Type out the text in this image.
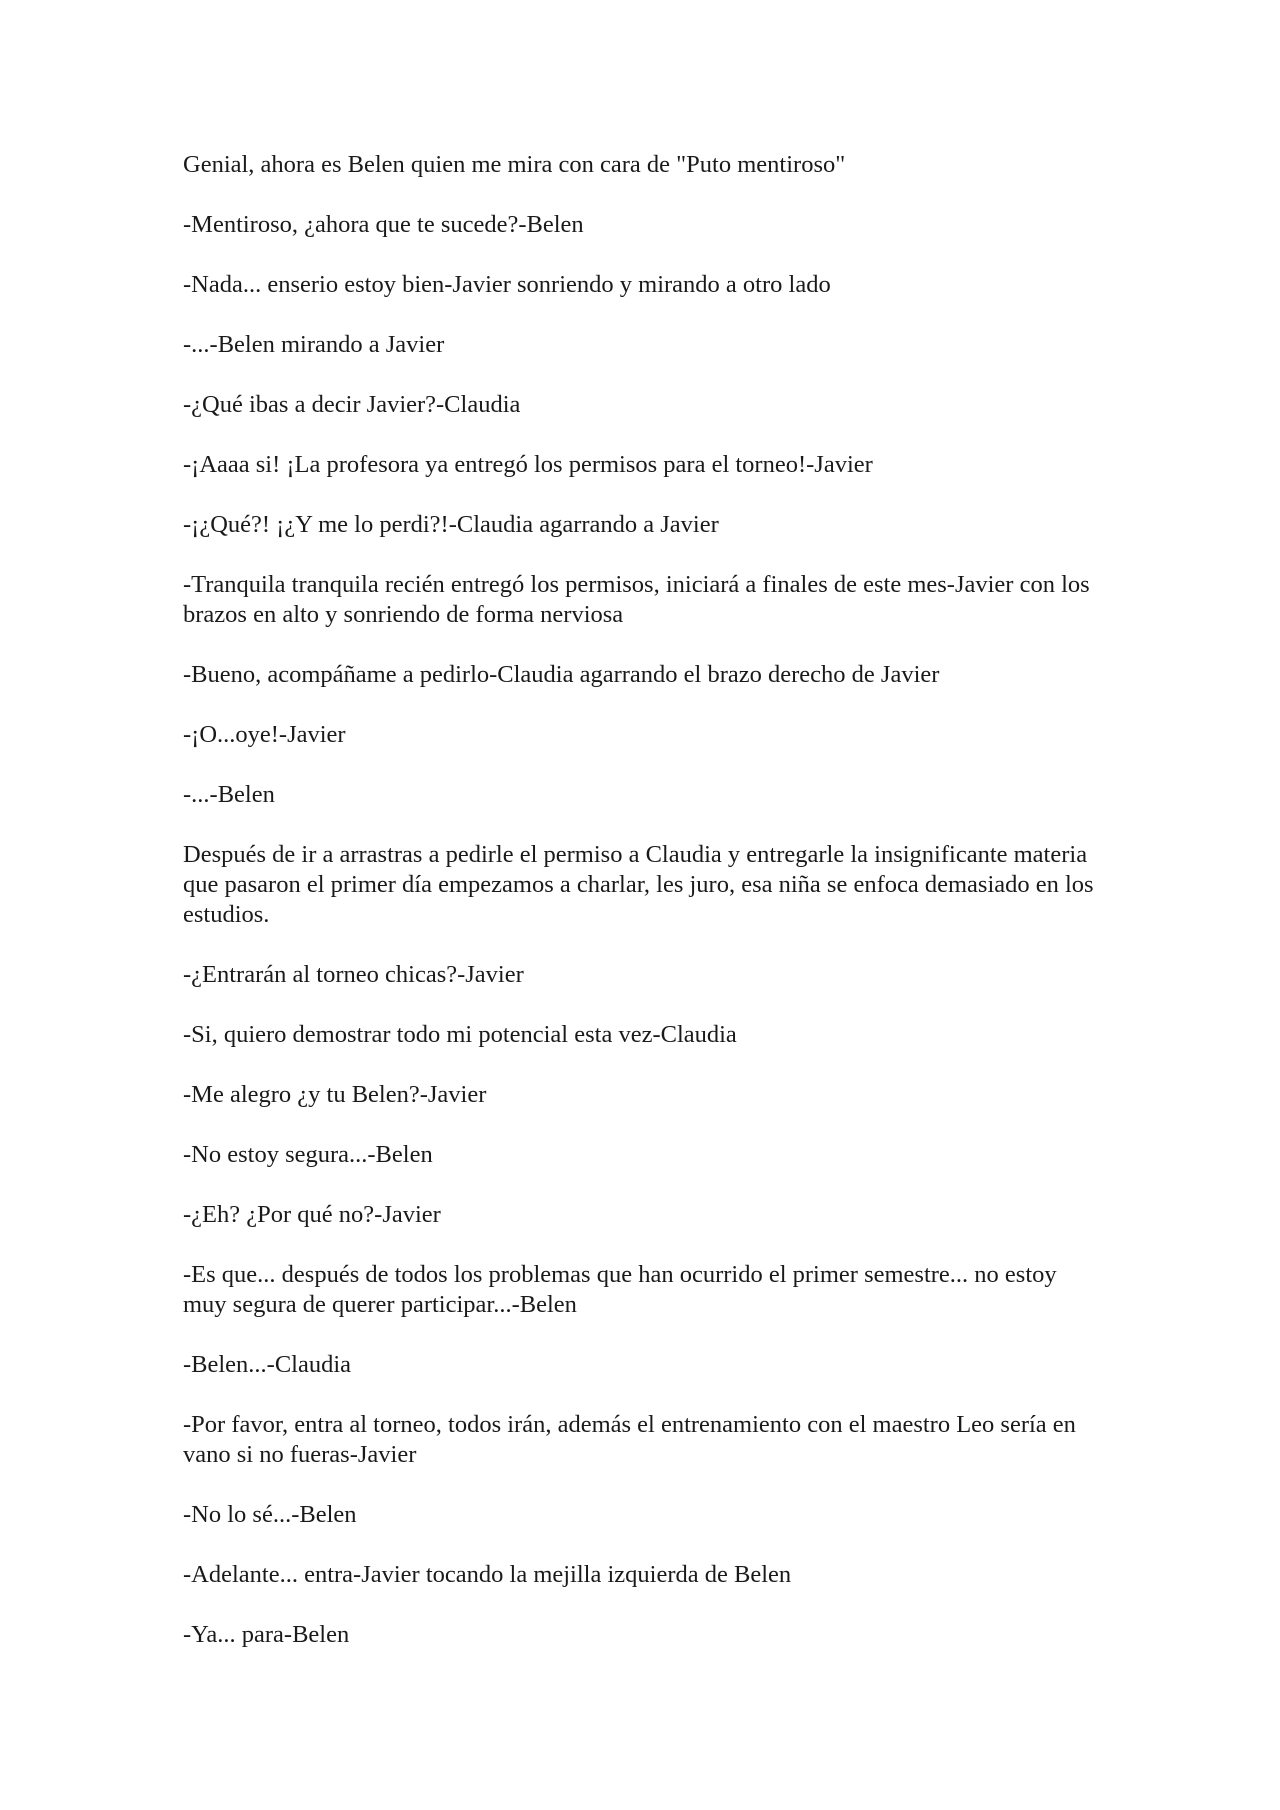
Genial, ahora es Belen quien me mira con cara de "Puto mentiroso"

-Mentiroso, ¿ahora que te sucede?-Belen

-Nada... enserio estoy bien-Javier sonriendo y mirando a otro lado

-...-Belen mirando a Javier

-¿Qué ibas a decir Javier?-Claudia

-¡Aaaa si! ¡La profesora ya entregó los permisos para el torneo!-Javier

-¡¿Qué?! ¡¿Y me lo perdi?!-Claudia agarrando a Javier

-Tranquila tranquila recién entregó los permisos, iniciará a finales de este mes-Javier con los brazos en alto y sonriendo de forma nerviosa

-Bueno, acompáñame a pedirlo-Claudia agarrando el brazo derecho de Javier

-¡O...oye!-Javier

-...-Belen

Después de ir a arrastras a pedirle el permiso a Claudia y entregarle la insignificante materia que pasaron el primer día empezamos a charlar, les juro, esa niña se enfoca demasiado en los estudios.

-¿Entrarán al torneo chicas?-Javier

-Si, quiero demostrar todo mi potencial esta vez-Claudia

-Me alegro ¿y tu Belen?-Javier

-No estoy segura...-Belen

-¿Eh? ¿Por qué no?-Javier

-Es que... después de todos los problemas que han ocurrido el primer semestre... no estoy muy segura de querer participar...-Belen

-Belen...-Claudia

-Por favor, entra al torneo, todos irán, además el entrenamiento con el maestro Leo sería en vano si no fueras-Javier

-No lo sé...-Belen

-Adelante... entra-Javier tocando la mejilla izquierda de Belen

-Ya... para-Belen
